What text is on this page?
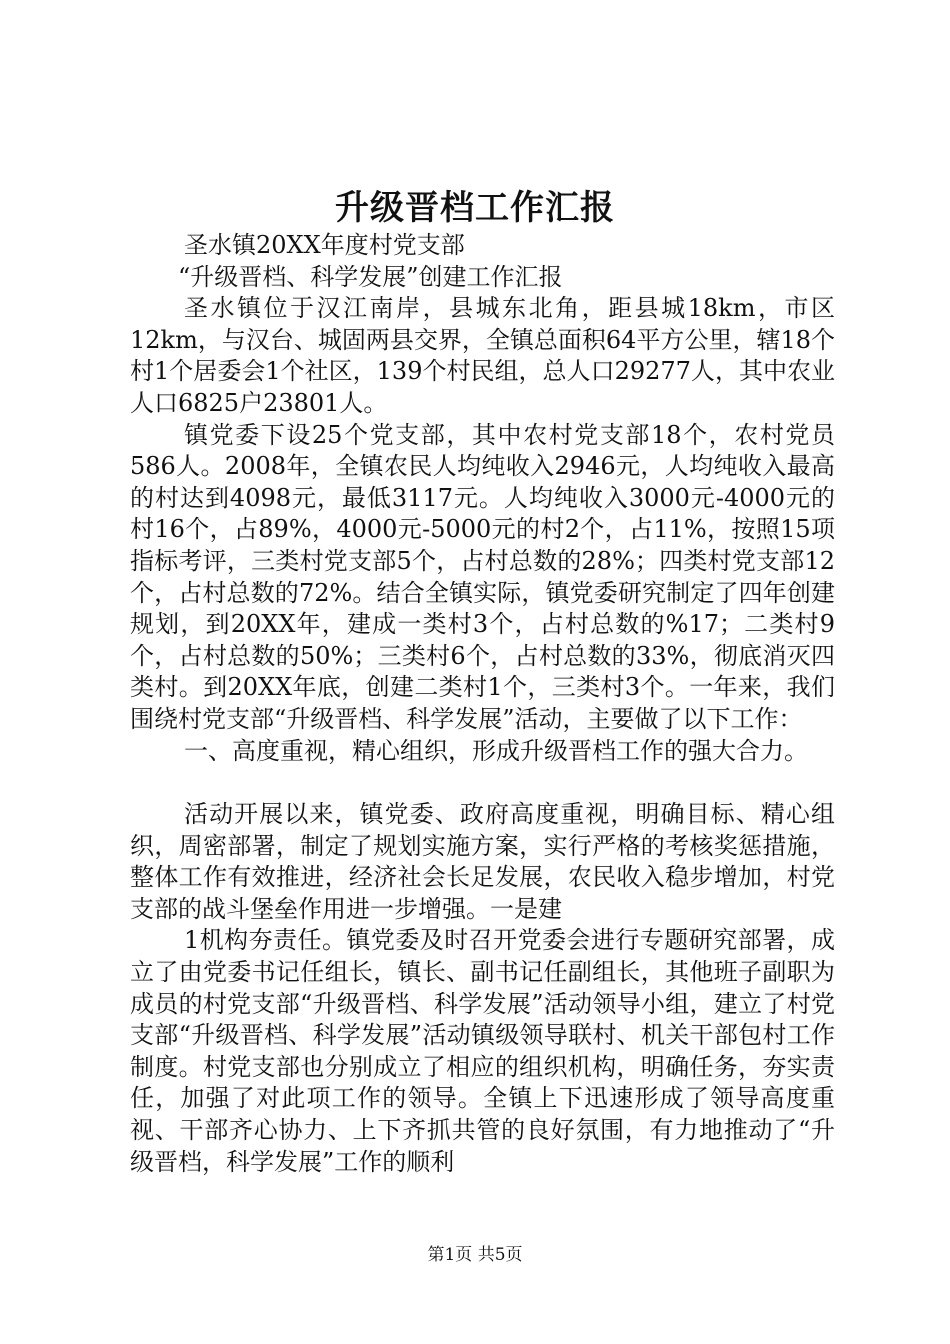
升级晋档工作汇报

圣水镇20XX年度村党支部

“升级晋档、科学发展”创建工作汇报

圣水镇位于汉江南岸，县城东北角，距县城18km，市区12km，与汉台、城固两县交界，全镇总面积64平方公里，辖18个村1个居委会1个社区，139个村民组，总人口29277人，其中农业人口6825户23801人。

镇党委下设25个党支部，其中农村党支部18个，农村党员586人。2008年，全镇农民人均纯收入2946元，人均纯收入最高的村达到4098元，最低3117元。人均纯收入3000元-4000元的村16个，占89%，4000元-5000元的村2个，占11%，按照15项指标考评，三类村党支部5个，占村总数的28%；四类村党支部12个，占村总数的72%。结合全镇实际，镇党委研究制定了四年创建规划，到20XX年，建成一类村3个，占村总数的%17；二类村9个，占村总数的50%；三类村6个，占村总数的33%，彻底消灭四类村。到20XX年底，创建二类村1个，三类村3个。一年来，我们围绕村党支部“升级晋档、科学发展”活动，主要做了以下工作：

一、高度重视，精心组织，形成升级晋档工作的强大合力。

活动开展以来，镇党委、政府高度重视，明确目标、精心组织，周密部署，制定了规划实施方案，实行严格的考核奖惩措施，整体工作有效推进，经济社会长足发展，农民收入稳步增加，村党支部的战斗堡垒作用进一步增强。一是建

1机构夯责任。镇党委及时召开党委会进行专题研究部署，成立了由党委书记任组长，镇长、副书记任副组长，其他班子副职为成员的村党支部“升级晋档、科学发展”活动领导小组，建立了村党支部“升级晋档、科学发展”活动镇级领导联村、机关干部包村工作制度。村党支部也分别成立了相应的组织机构，明确任务，夯实责任，加强了对此项工作的领导。全镇上下迅速形成了领导高度重视、干部齐心协力、上下齐抓共管的良好氛围，有力地推动了“升级晋档，科学发展”工作的顺利

第1页 共5页
